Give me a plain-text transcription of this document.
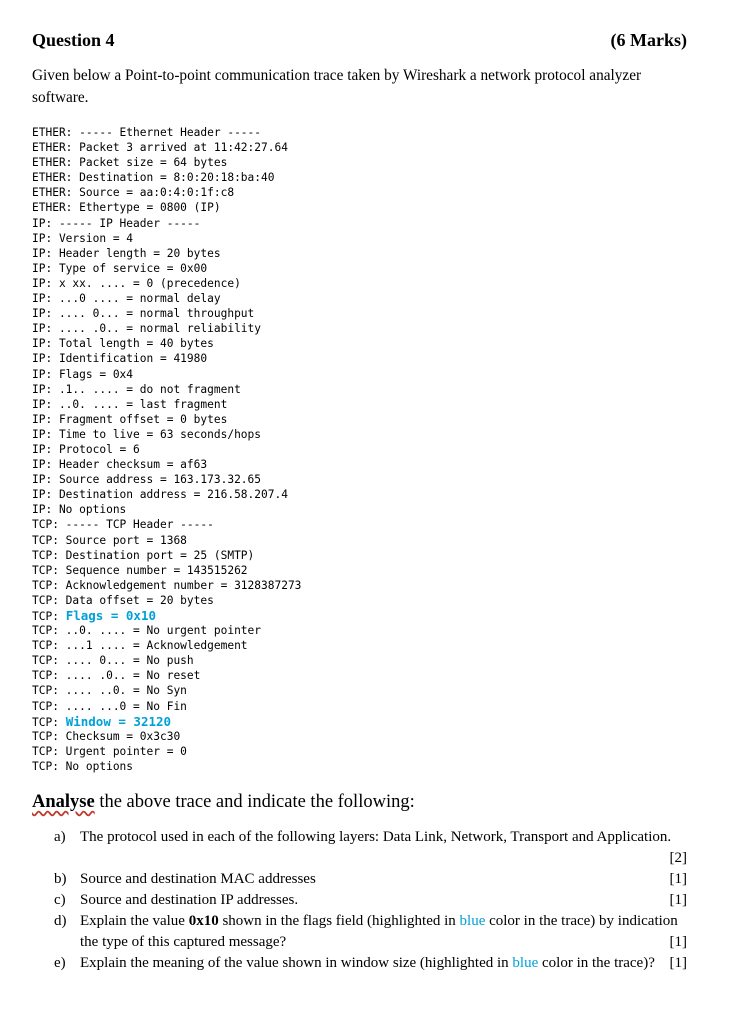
Question 4	(6 Marks)
Given below a Point-to-point communication trace taken by Wireshark a network protocol analyzer software.
ETHER: ----- Ethernet Header -----
ETHER: Packet 3 arrived at 11:42:27.64
ETHER: Packet size = 64 bytes
ETHER: Destination = 8:0:20:18:ba:40
ETHER: Source = aa:0:4:0:1f:c8
ETHER: Ethertype = 0800 (IP)
IP: ----- IP Header -----
IP: Version = 4
IP: Header length = 20 bytes
IP: Type of service = 0x00
IP: x xx. .... = 0 (precedence)
IP: ...0 .... = normal delay
IP: .... 0... = normal throughput
IP: .... .0.. = normal reliability
IP: Total length = 40 bytes
IP: Identification = 41980
IP: Flags = 0x4
IP: .1.. .... = do not fragment
IP: ..0. .... = last fragment
IP: Fragment offset = 0 bytes
IP: Time to live = 63 seconds/hops
IP: Protocol = 6
IP: Header checksum = af63
IP: Source address = 163.173.32.65
IP: Destination address = 216.58.207.4
IP: No options
TCP: ----- TCP Header -----
TCP: Source port = 1368
TCP: Destination port = 25 (SMTP)
TCP: Sequence number = 143515262
TCP: Acknowledgement number = 3128387273
TCP: Data offset = 20 bytes
TCP: Flags = 0x10
TCP: ..0. .... = No urgent pointer
TCP: ...1 .... = Acknowledgement
TCP: .... 0... = No push
TCP: .... .0.. = No reset
TCP: .... ..0. = No Syn
TCP: .... ...0 = No Fin
TCP: Window = 32120
TCP: Checksum = 0x3c30
TCP: Urgent pointer = 0
TCP: No options
Analyse the above trace and indicate the following:
a) The protocol used in each of the following layers: Data Link, Network, Transport and Application.
[2]
b) Source and destination MAC addresses	[1]
c) Source and destination IP addresses.	[1]
d) Explain the value 0x10 shown in the flags field (highlighted in blue color in the trace) by indication the type of this captured message?	[1]
e) Explain the meaning of the value shown in window size (highlighted in blue color in the trace)? [1]
